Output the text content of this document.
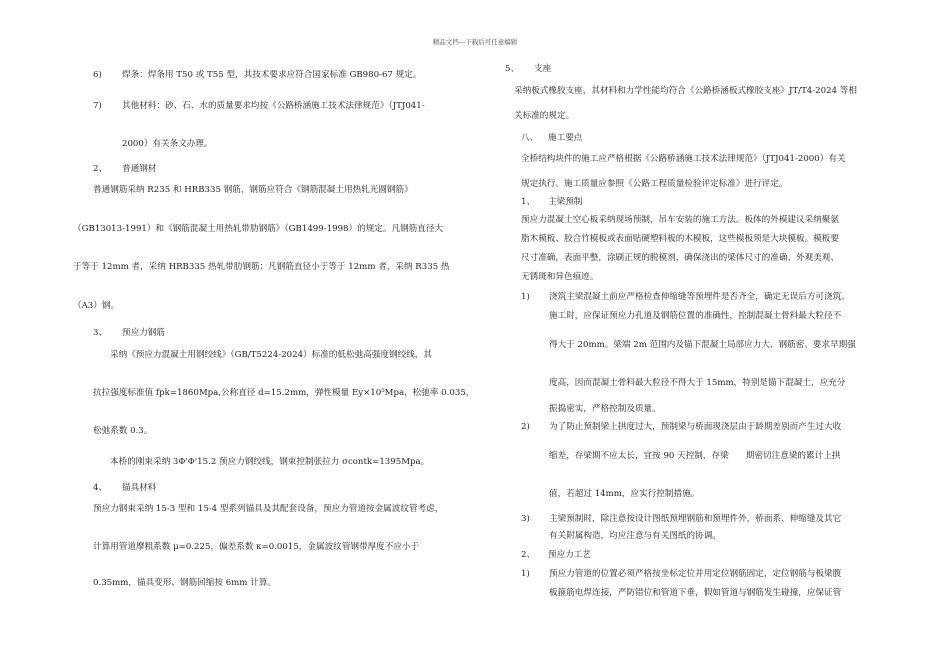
精品文档---下载后可任意编辑
6) 焊条：焊条用 T50 或 T55 型，其技术要求应符合国家标准 GB980-67 规定。
7) 其他材料：砂、石、水的质量要求均按《公路桥涵施工技术法律规范》（JTJ041-
2000）有关条文办理。
2、 普通钢材
普通钢筋采纳 R235 和 HRB335 钢筋，钢筋应符合《钢筋混凝土用热轧光圆钢筋》
（GB13013-1991）和《钢筋混凝土用热轧带肋钢筋》（GB1499-1998）的规定。凡钢筋直径大
于等于 12mm 者，采纳 HRB335 热轧带肋钢筋；凡钢筋直径小于等于 12mm 者，采纳 R335 热
（A3）钢。
3、 预应力钢筋
采纳《预应力混凝土用钢绞线》（GB/T5224-2024）标准的低松弛高强度钢绞线，其
抗拉强度标准值 fpk=1860Mpa,公称直径 d=15.2mm，弹性模量 Ey×10⁵Mpa，松弛率 0.035，
松弛系数 0.3。
本桥的刚束采纳 3Φ'Φ'15.2 预应力钢绞线，钢束控制张拉力 σcontk=1395Mpa。
4、 锚具材料
预应力钢束采纳 15-3 型和 15-4 型系列锚具及其配套设备，预应力管道按金属波纹管考虑，
计算用管道摩粗系数 μ=0.225，偏差系数 κ=0.0015，金属波纹管钢带厚度不应小于
0.35mm，锚具变形、钢筋回缩按 6mm 计算。
5、 支座
采纳板式橡胶支座，其材料和力学性能均符合《公路桥涵板式橡胶支座》JT/T4-2024 等相
关标准的规定。
八、 施工要点
全桥结构块件的施工应严格根据《公路桥涵施工技术法律规范》（JTJ041-2000）有关
规定执行。施工质量应参照《公路工程质量检验评定标准》进行评定。
1、 主梁预制
预应力混凝土空心板采纳现场预制，吊车安装的施工方法。板体的外模建议采纳聚氨
脂木模板、胶合竹模板或表面贴硬塑料板的木模板，这些模板须是大块模板。模板要
尺寸准确，表面平整，涂刷正规的脱模剂，确保浇出的梁体尺寸的准确、外观美观、
无锈斑和异色痕迹。
1) 浇筑主梁混凝土前应严格检查伸缩缝等预埋件是否齐全，确定无误后方可浇筑。
施工时，应保证预应力孔道及钢筋位置的准确性，控制混凝土骨料最大粒径不
得大于 20mm。梁端 2m 范围内及锚下混凝土局部应力大、钢筋密、要求早期强
度高，因而混凝土骨料最大粒径不得大于 15mm，特别是锚下混凝土，应充分
振捣密实，严格控制及质量。
2) 为了防止预制梁上拱度过大，预制梁与桥面现浇层由于龄期差别而产生过大收
缩差，存梁期不应太长，宜按 90 天控制，存梁　　期密切注意梁的累计上拱
值，若超过 14mm，应实行控制措施。
3) 主梁预制时，除注意按设计图纸预埋钢筋和预埋件外，桥面系、伸缩缝及其它
有关附属构造，均应注意与有关图纸的协调。
2、 预应力工艺
1) 预应力管道的位置必须严格按坐标定位并用定位钢筋固定，定位钢筋与板梁腹
板箍筋电焊连接，严防错位和管道下垂，假如管道与钢筋发生碰撞，应保证管
